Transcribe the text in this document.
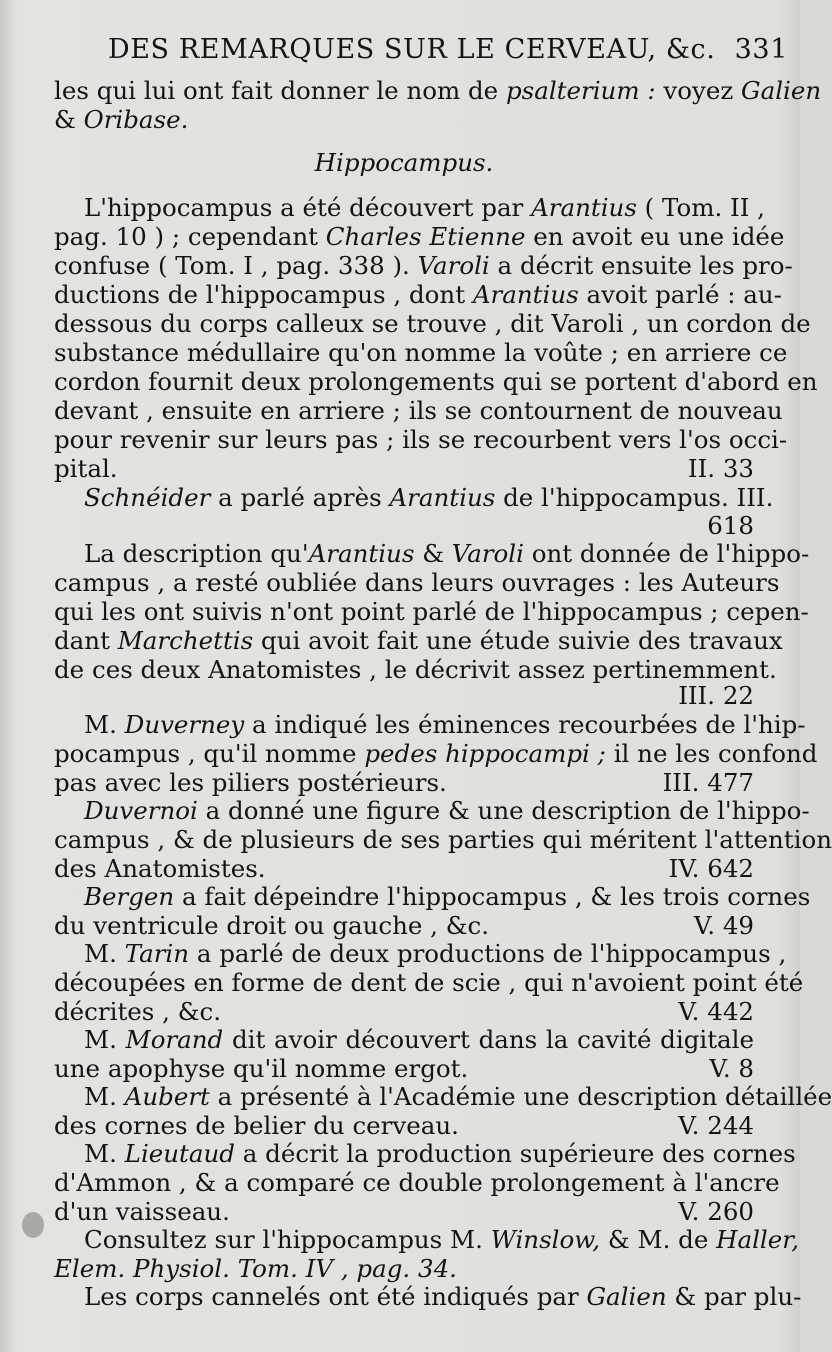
DES REMARQUES SUR LE CERVEAU, &c. 331
les qui lui ont fait donner le nom de psalterium : voyez Galien
& Oribase.
Hippocampus.
L'hippocampus a été découvert par Arantius ( Tom. II ,
pag. 10 ) ; cependant Charles Etienne en avoit eu une idée
confuse ( Tom. I , pag. 338 ). Varoli a décrit ensuite les pro-
ductions de l'hippocampus , dont Arantius avoit parlé : au-
dessous du corps calleux se trouve , dit Varoli , un cordon de
substance médullaire qu'on nomme la voûte ; en arriere ce
cordon fournit deux prolongements qui se portent d'abord en
devant , ensuite en arriere ; ils se contournent de nouveau
pour revenir sur leurs pas ; ils se recourbent vers l'os occi-
pital.	II. 33
Schnéider a parlé après Arantius de l'hippocampus. III.
618
La description qu'Arantius & Varoli ont donnée de l'hippo-
campus , a resté oubliée dans leurs ouvrages : les Auteurs
qui les ont suivis n'ont point parlé de l'hippocampus ; cepen-
dant Marchettis qui avoit fait une étude suivie des travaux
de ces deux Anatomistes , le décrivit assez pertinemment.
III. 22
M. Duverney a indiqué les éminences recourbées de l'hip-
pocampus , qu'il nomme pedes hippocampi ; il ne les confond
pas avec les piliers postérieurs.	III. 477
Duvernoi a donné une figure & une description de l'hippo-
campus , & de plusieurs de ses parties qui méritent l'attention
des Anatomistes.	IV. 642
Bergen a fait dépeindre l'hippocampus , & les trois cornes
du ventricule droit ou gauche , &c.	V. 49
M. Tarin a parlé de deux productions de l'hippocampus ,
découpées en forme de dent de scie , qui n'avoient point été
décrites , &c.	V. 442
M. Morand dit avoir découvert dans la cavité digitale
une apophyse qu'il nomme ergot.	V. 8
M. Aubert a présenté à l'Académie une description détaillée
des cornes de belier du cerveau.	V. 244
M. Lieutaud a décrit la production supérieure des cornes
d'Ammon , & a comparé ce double prolongement à l'ancre
d'un vaisseau.	V. 260
Consultez sur l'hippocampus M. Winslow, & M. de Haller,
Elem. Physiol. Tom. IV , pag. 34.
Les corps cannelés ont été indiqués par Galien & par plu-
